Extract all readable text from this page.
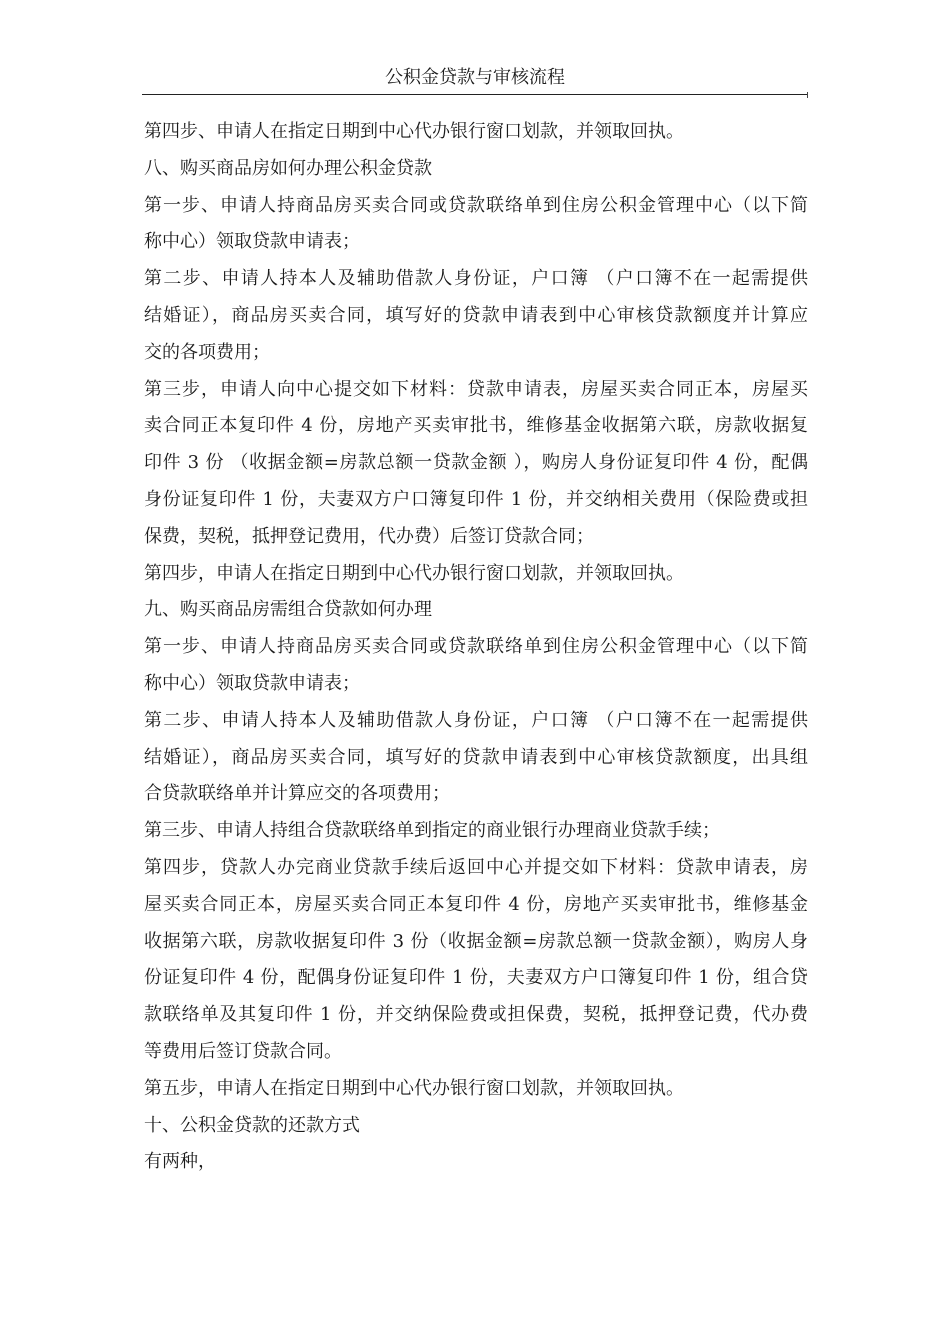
公积金贷款与审核流程
第四步、申请人在指定日期到中心代办银行窗口划款，并领取回执。
八、购买商品房如何办理公积金贷款
第一步、申请人持商品房买卖合同或贷款联络单到住房公积金管理中心（以下简
称中心）领取贷款申请表；
第二步、申请人持本人及辅助借款人身份证，户口簿 （户口簿不在一起需提供
结婚证），商品房买卖合同，填写好的贷款申请表到中心审核贷款额度并计算应
交的各项费用；
第三步，申请人向中心提交如下材料：贷款申请表，房屋买卖合同正本，房屋买
卖合同正本复印件 4 份，房地产买卖审批书，维修基金收据第六联，房款收据复
印件 3 份 （收据金额=房款总额一贷款金额 ），购房人身份证复印件 4 份，配偶
身份证复印件 1 份，夫妻双方户口簿复印件 1 份，并交纳相关费用（保险费或担
保费，契税，抵押登记费用，代办费）后签订贷款合同；
第四步，申请人在指定日期到中心代办银行窗口划款，并领取回执。
九、购买商品房需组合贷款如何办理
第一步、申请人持商品房买卖合同或贷款联络单到住房公积金管理中心（以下简
称中心）领取贷款申请表；
第二步、申请人持本人及辅助借款人身份证，户口簿 （户口簿不在一起需提供
结婚证），商品房买卖合同，填写好的贷款申请表到中心审核贷款额度，出具组
合贷款联络单并计算应交的各项费用；
第三步、申请人持组合贷款联络单到指定的商业银行办理商业贷款手续；
第四步，贷款人办完商业贷款手续后返回中心并提交如下材料：贷款申请表，房
屋买卖合同正本，房屋买卖合同正本复印件 4 份，房地产买卖审批书，维修基金
收据第六联，房款收据复印件 3 份（收据金额=房款总额一贷款金额），购房人身
份证复印件 4 份，配偶身份证复印件 1 份，夫妻双方户口簿复印件 1 份，组合贷
款联络单及其复印件 1 份，并交纳保险费或担保费，契税，抵押登记费，代办费
等费用后签订贷款合同。
第五步，申请人在指定日期到中心代办银行窗口划款，并领取回执。
十、公积金贷款的还款方式
有两种，
